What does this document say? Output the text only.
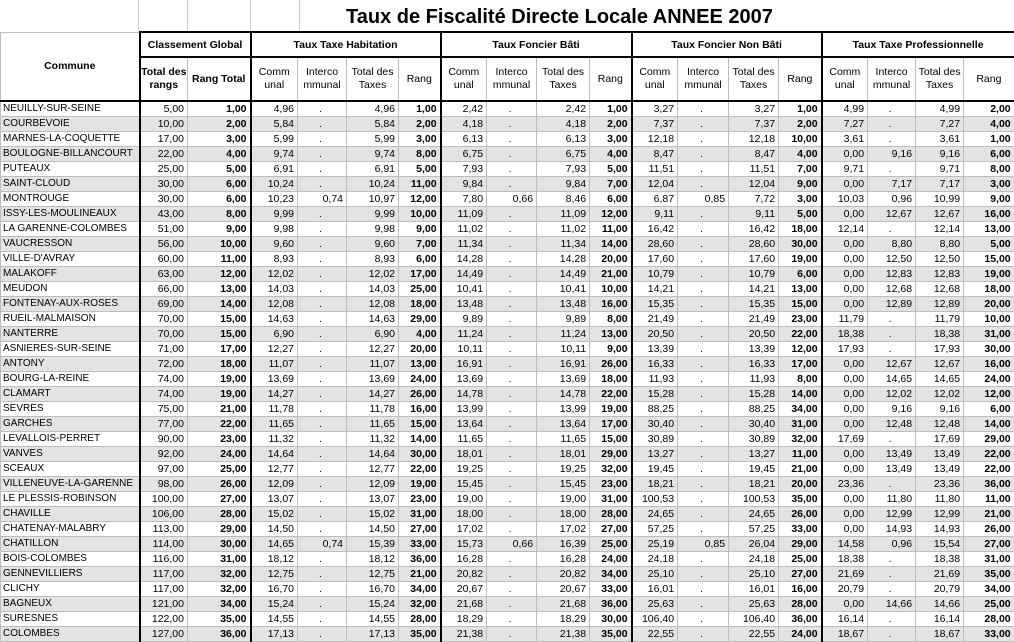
Taux de Fiscalité Directe Locale ANNEE 2007
Commune	Classement Global		Taux Taxe Habitation				Taux Foncier Bâti				Taux Foncier Non Bâti				Taux Taxe Professionnelle			
	Total des rangs	Rang Total	Comm unal	Interco mmunal	Total des Taxes	Rang	Comm unal	Interco mmunal	Total des Taxes	Rang	Comm unal	Interco mmunal	Total des Taxes	Rang	Comm unal	Interco mmunal	Total des Taxes	Rang
NEUILLY-SUR-SEINE	5,00	1,00	4,96	.	4,96	1,00	2,42	.	2,42	1,00	3,27	.	3,27	1,00	4,99	.	4,99	2,00
COURBEVOIE	10,00	2,00	5,84	.	5,84	2,00	4,18	.	4,18	2,00	7,37	.	7,37	2,00	7,27	.	7,27	4,00
MARNES-LA-COQUETTE	17,00	3,00	5,99	.	5,99	3,00	6,13	.	6,13	3,00	12,18	.	12,18	10,00	3,61	.	3,61	1,00
BOULOGNE-BILLANCOURT	22,00	4,00	9,74	.	9,74	8,00	6,75	.	6,75	4,00	8,47	.	8,47	4,00	0,00	9,16	9,16	6,00
PUTEAUX	25,00	5,00	6,91	.	6,91	5,00	7,93	.	7,93	5,00	11,51	.	11,51	7,00	9,71	.	9,71	8,00
SAINT-CLOUD	30,00	6,00	10,24	.	10,24	11,00	9,84	.	9,84	7,00	12,04	.	12,04	9,00	0,00	7,17	7,17	3,00
MONTROUGE	30,00	6,00	10,23	0,74	10,97	12,00	7,80	0,66	8,46	6,00	6,87	0,85	7,72	3,00	10,03	0,96	10,99	9,00
ISSY-LES-MOULINEAUX	43,00	8,00	9,99	.	9,99	10,00	11,09	.	11,09	12,00	9,11	.	9,11	5,00	0,00	12,67	12,67	16,00
LA GARENNE-COLOMBES	51,00	9,00	9,98	.	9,98	9,00	11,02	.	11,02	11,00	16,42	.	16,42	18,00	12,14	.	12,14	13,00
VAUCRESSON	56,00	10,00	9,60	.	9,60	7,00	11,34	.	11,34	14,00	28,60	.	28,60	30,00	0,00	8,80	8,80	5,00
VILLE-D'AVRAY	60,00	11,00	8,93	.	8,93	6,00	14,28	.	14,28	20,00	17,60	.	17,60	19,00	0,00	12,50	12,50	15,00
MALAKOFF	63,00	12,00	12,02	.	12,02	17,00	14,49	.	14,49	21,00	10,79	.	10,79	6,00	0,00	12,83	12,83	19,00
MEUDON	66,00	13,00	14,03	.	14,03	25,00	10,41	.	10,41	10,00	14,21	.	14,21	13,00	0,00	12,68	12,68	18,00
FONTENAY-AUX-ROSES	69,00	14,00	12,08	.	12,08	18,00	13,48	.	13,48	16,00	15,35	.	15,35	15,00	0,00	12,89	12,89	20,00
RUEIL-MALMAISON	70,00	15,00	14,63	.	14,63	29,00	9,89	.	9,89	8,00	21,49	.	21,49	23,00	11,79	.	11,79	10,00
NANTERRE	70,00	15,00	6,90	.	6,90	4,00	11,24	.	11,24	13,00	20,50	.	20,50	22,00	18,38	.	18,38	31,00
ASNIERES-SUR-SEINE	71,00	17,00	12,27	.	12,27	20,00	10,11	.	10,11	9,00	13,39	.	13,39	12,00	17,93	.	17,93	30,00
ANTONY	72,00	18,00	11,07	.	11,07	13,00	16,91	.	16,91	26,00	16,33	.	16,33	17,00	0,00	12,67	12,67	16,00
BOURG-LA-REINE	74,00	19,00	13,69	.	13,69	24,00	13,69	.	13,69	18,00	11,93	.	11,93	8,00	0,00	14,65	14,65	24,00
CLAMART	74,00	19,00	14,27	.	14,27	26,00	14,78	.	14,78	22,00	15,28	.	15,28	14,00	0,00	12,02	12,02	12,00
SEVRES	75,00	21,00	11,78	.	11,78	16,00	13,99	.	13,99	19,00	88,25	.	88,25	34,00	0,00	9,16	9,16	6,00
GARCHES	77,00	22,00	11,65	.	11,65	15,00	13,64	.	13,64	17,00	30,40	.	30,40	31,00	0,00	12,48	12,48	14,00
LEVALLOIS-PERRET	90,00	23,00	11,32	.	11,32	14,00	11,65	.	11,65	15,00	30,89	.	30,89	32,00	17,69	.	17,69	29,00
VANVES	92,00	24,00	14,64	.	14,64	30,00	18,01	.	18,01	29,00	13,27	.	13,27	11,00	0,00	13,49	13,49	22,00
SCEAUX	97,00	25,00	12,77	.	12,77	22,00	19,25	.	19,25	32,00	19,45	.	19,45	21,00	0,00	13,49	13,49	22,00
VILLENEUVE-LA-GARENNE	98,00	26,00	12,09	.	12,09	19,00	15,45	.	15,45	23,00	18,21	.	18,21	20,00	23,36	.	23,36	36,00
LE PLESSIS-ROBINSON	100,00	27,00	13,07	.	13,07	23,00	19,00	.	19,00	31,00	100,53	.	100,53	35,00	0,00	11,80	11,80	11,00
CHAVILLE	106,00	28,00	15,02	.	15,02	31,00	18,00	.	18,00	28,00	24,65	.	24,65	26,00	0,00	12,99	12,99	21,00
CHATENAY-MALABRY	113,00	29,00	14,50	.	14,50	27,00	17,02	.	17,02	27,00	57,25	.	57,25	33,00	0,00	14,93	14,93	26,00
CHATILLON	114,00	30,00	14,65	0,74	15,39	33,00	15,73	0,66	16,39	25,00	25,19	0,85	26,04	29,00	14,58	0,96	15,54	27,00
BOIS-COLOMBES	116,00	31,00	18,12	.	18,12	36,00	16,28	.	16,28	24,00	24,18	.	24,18	25,00	18,38	.	18,38	31,00
GENNEVILLIERS	117,00	32,00	12,75	.	12,75	21,00	20,82	.	20,82	34,00	25,10	.	25,10	27,00	21,69	.	21,69	35,00
CLICHY	117,00	32,00	16,70	.	16,70	34,00	20,67	.	20,67	33,00	16,01	.	16,01	16,00	20,79	.	20,79	34,00
BAGNEUX	121,00	34,00	15,24	.	15,24	32,00	21,68	.	21,68	36,00	25,63	.	25,63	28,00	0,00	14,66	14,66	25,00
SURESNES	122,00	35,00	14,55	.	14,55	28,00	18,29	.	18,29	30,00	106,40	.	106,40	36,00	16,14	.	16,14	28,00
COLOMBES	127,00	36,00	17,13	.	17,13	35,00	21,38	.	21,38	35,00	22,55	.	22,55	24,00	18,67	.	18,67	33,00
